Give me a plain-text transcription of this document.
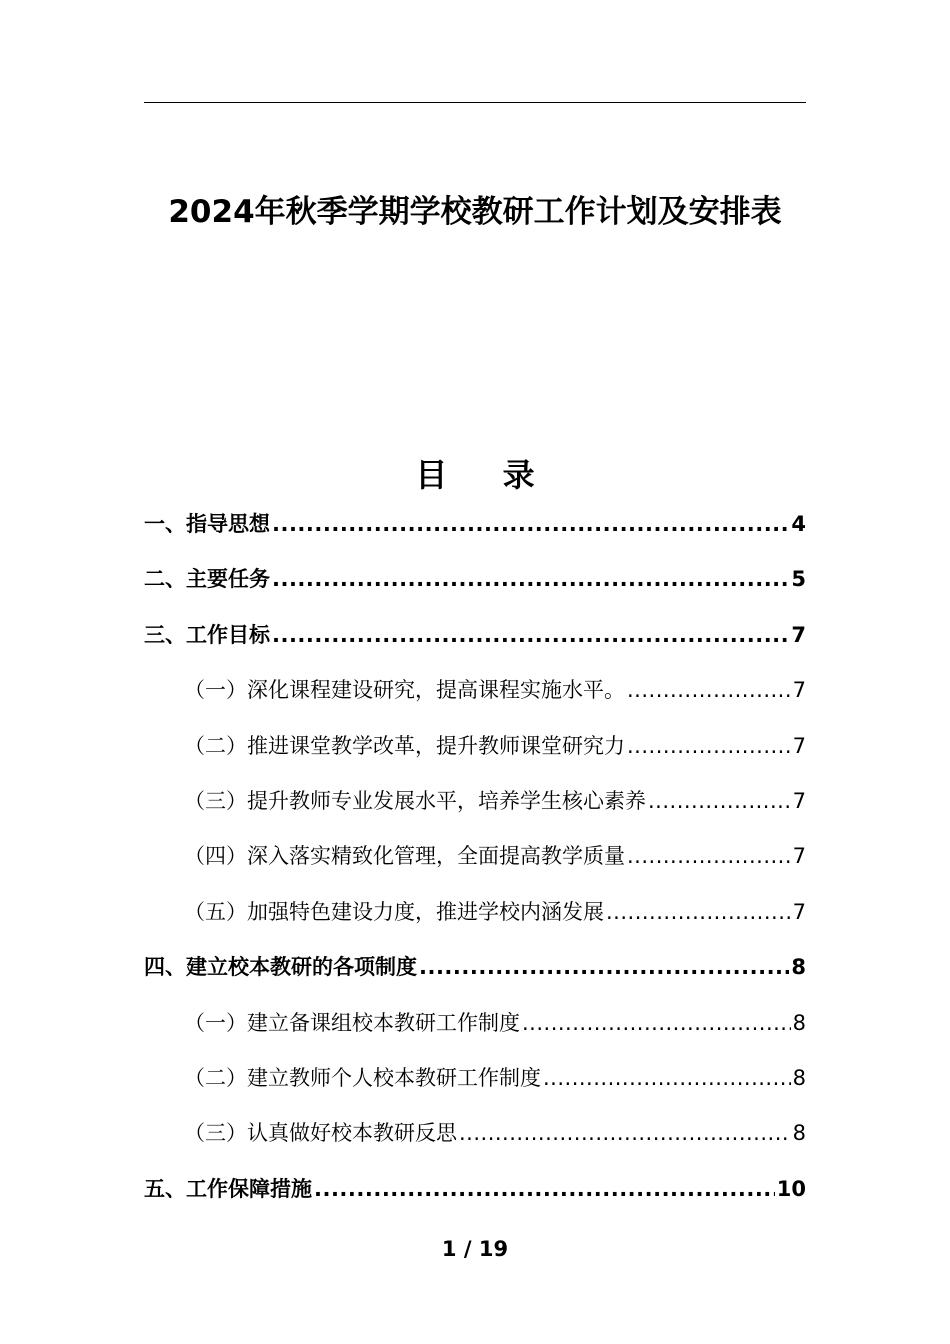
2024年秋季学期学校教研工作计划及安排表
目 录
一、指导思想 .....	4
二、主要任务 .....	5
三、工作目标 .....	7
（一）深化课程建设研究，提高课程实施水平。 .....	7
（二）推进课堂教学改革，提升教师课堂研究力 .....	7
（三）提升教师专业发展水平，培养学生核心素养 .....	7
（四）深入落实精致化管理，全面提高教学质量 .....	7
（五）加强特色建设力度，推进学校内涵发展 .....	7
四、建立校本教研的各项制度 .....	8
（一）建立备课组校本教研工作制度 .....	8
（二）建立教师个人校本教研工作制度 .....	8
（三）认真做好校本教研反思 .....	8
五、工作保障措施 .....	10
1 / 19
